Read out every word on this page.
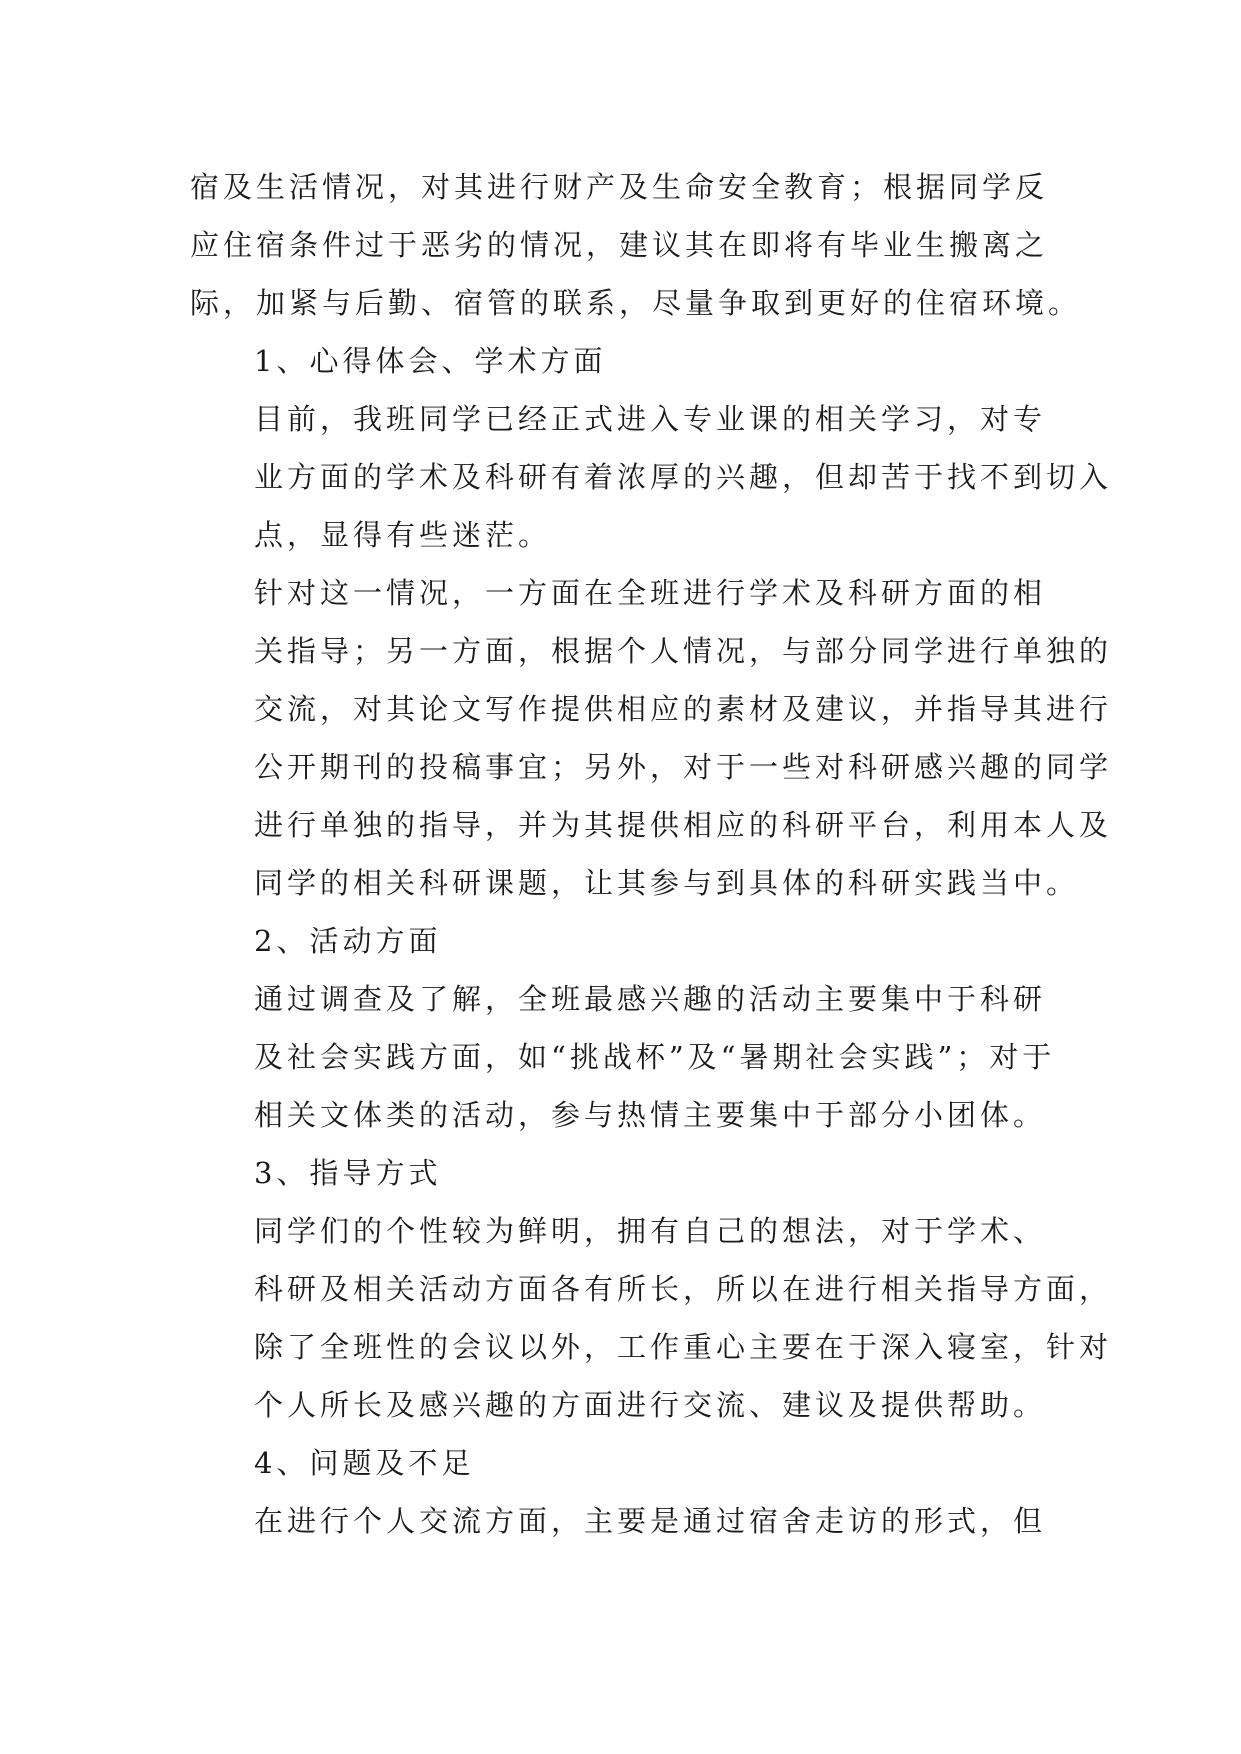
宿及生活情况，对其进行财产及生命安全教育；根据同学反
应住宿条件过于恶劣的情况，建议其在即将有毕业生搬离之
际，加紧与后勤、宿管的联系，尽量争取到更好的住宿环境。

1、心得体会、学术方面

目前，我班同学已经正式进入专业课的相关学习，对专
业方面的学术及科研有着浓厚的兴趣，但却苦于找不到切入
点，显得有些迷茫。

针对这一情况，一方面在全班进行学术及科研方面的相
关指导；另一方面，根据个人情况，与部分同学进行单独的
交流，对其论文写作提供相应的素材及建议，并指导其进行
公开期刊的投稿事宜；另外，对于一些对科研感兴趣的同学
进行单独的指导，并为其提供相应的科研平台，利用本人及
同学的相关科研课题，让其参与到具体的科研实践当中。

2、活动方面

通过调查及了解，全班最感兴趣的活动主要集中于科研
及社会实践方面，如“挑战杯”及“暑期社会实践”；对于
相关文体类的活动，参与热情主要集中于部分小团体。

3、指导方式

同学们的个性较为鲜明，拥有自己的想法，对于学术、
科研及相关活动方面各有所长，所以在进行相关指导方面，
除了全班性的会议以外，工作重心主要在于深入寝室，针对
个人所长及感兴趣的方面进行交流、建议及提供帮助。

4、问题及不足

在进行个人交流方面，主要是通过宿舍走访的形式，但
